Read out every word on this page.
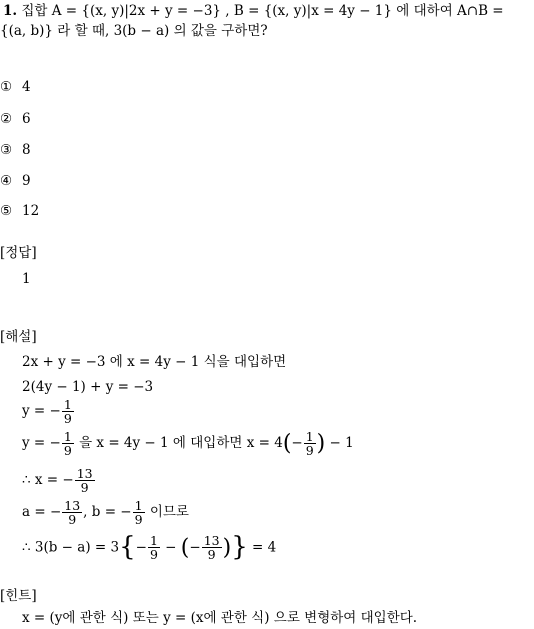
1. 집합 A = {(x, y)|2x + y = −3} , B = {(x, y)|x = 4y − 1} 에 대하여 A∩B =
{(a, b)} 라 할 때, 3(b − a) 의 값을 구하면?
① 4
② 6
③ 8
④ 9
⑤ 12
[정답]
1
[해설]
2x + y = −3 에 x = 4y − 1 식을 대입하면
2(4y − 1) + y = −3
y = − $\frac{1}{9}$
y = − $\frac{1}{9}$ 을 x = 4y − 1 에 대입하면 $x = 4(- \frac{1}{9}$ ) − 1
∴ x = − $\frac{13}{9}$
a = − $\frac{13}{9}$ , b = − $\frac{1}{9}$ 이므로
∴ $3(b - a) = 3\{- \frac{1}{9}$ − (− $\frac{13}{9}$ )} = 4
[힌트]
x = (y에 관한 식) 또는 y = (x에 관한 식) 으로 변형하여 대입한다.
